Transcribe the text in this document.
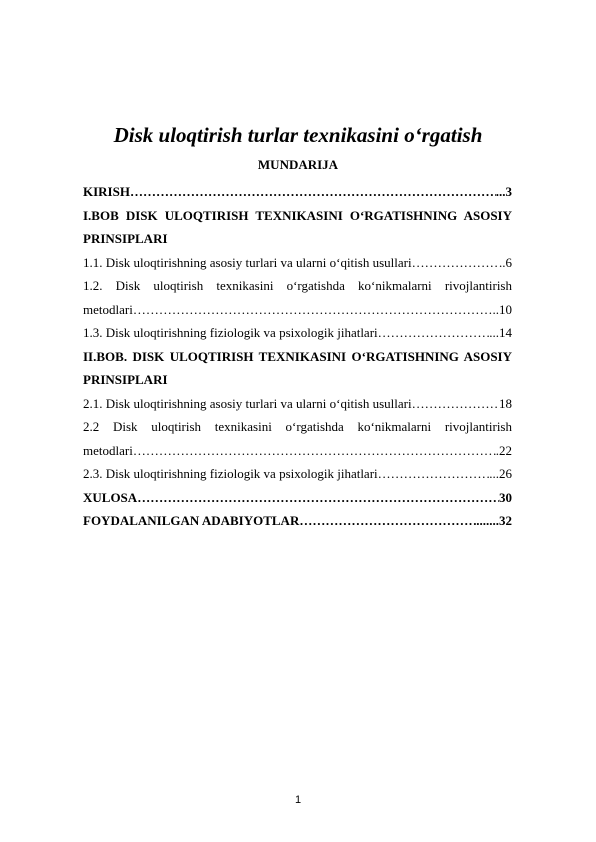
Disk uloqtirish turlar texnikasini o‘rgatish
MUNDARIJA
KIRISH ………………………………………………………………………………………………………………………………………………	...3
I.BOB DISK ULOQTIRISH TEXNIKASINI O‘RGATISHNING ASOSIY
PRINSIPLARI
1.1. Disk uloqtirishning asosiy turlari va ularni o‘qitish usullari ………………………………………………………………………………………………………………………………………………	..6
1.2. Disk uloqtirish texnikasini o‘rgatishda ko‘nikmalarni rivojlantirish
metodlari ………………………………………………………………………………………………………………………………………………	..10
1.3. Disk uloqtirishning fiziologik va psixologik jihatlari ………………………………………………………………………………………………………………………………………………	...14
II.BOB. DISK ULOQTIRISH TEXNIKASINI O‘RGATISHNING ASOSIY
PRINSIPLARI
2.1. Disk uloqtirishning asosiy turlari va ularni o‘qitish usullari ………………………………………………………………………………………………………………………………………………	18
2.2 Disk uloqtirish texnikasini o‘rgatishda ko‘nikmalarni rivojlantirish
metodlari ………………………………………………………………………………………………………………………………………………	.22
2.3. Disk uloqtirishning fiziologik va psixologik jihatlari ………………………………………………………………………………………………………………………………………………	...26
XULOSA ………………………………………………………………………………………………………………………………………………	30
FOYDALANILGAN ADABIYOTLAR ………………………………………………………………………………………………………………………………………………	.......32
1
